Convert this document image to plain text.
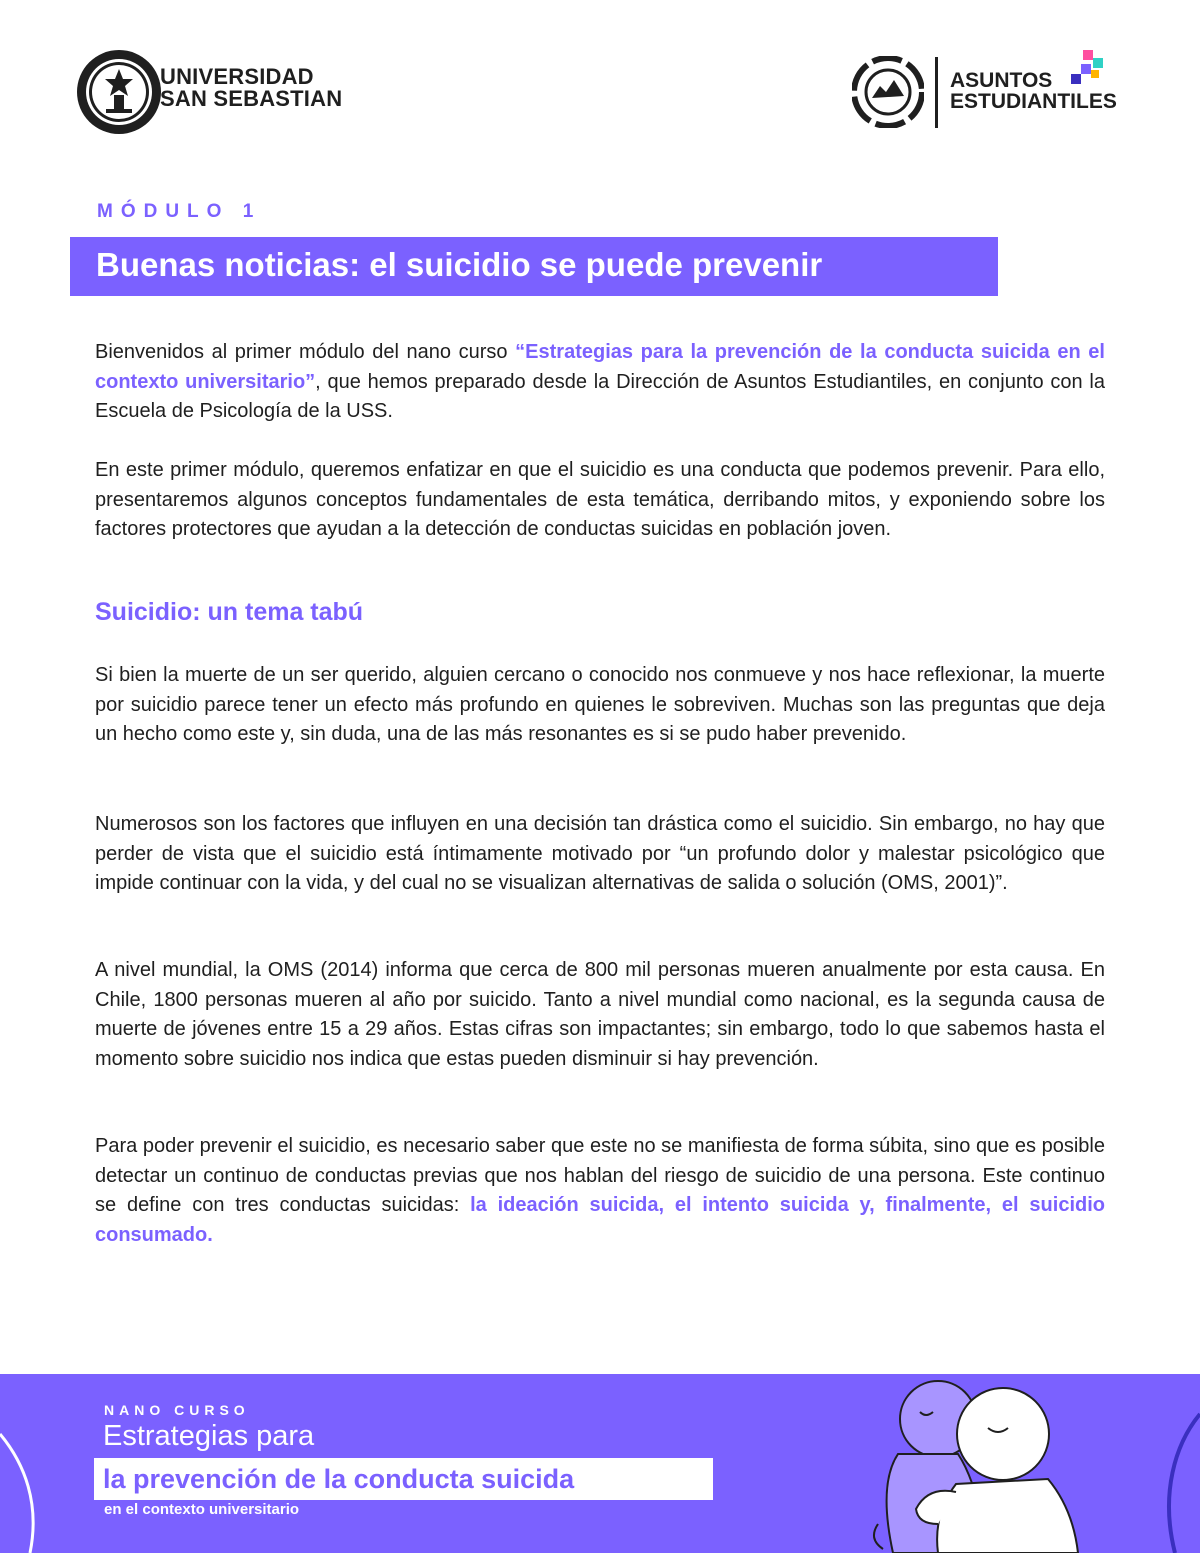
UNIVERSIDAD
SAN SEBASTIAN
ASUNTOS
ESTUDIANTILES
MÓDULO 1
Buenas noticias: el suicidio se puede prevenir
Bienvenidos al primer módulo del nano curso “Estrategias para la prevención de la conducta suicida en el contexto universitario”, que hemos preparado desde la Dirección de Asuntos Estudiantiles, en conjunto con la Escuela de Psicología de la USS.
En este primer módulo, queremos enfatizar en que el suicidio es una conducta que podemos prevenir. Para ello, presentaremos algunos conceptos fundamentales de esta temática, derribando mitos, y exponiendo sobre los factores protectores que ayudan a la detección de conductas suicidas en población joven.
Suicidio: un tema tabú
Si bien la muerte de un ser querido, alguien cercano o conocido nos conmueve y nos hace reflexionar, la muerte por suicidio parece tener un efecto más profundo en quienes le sobreviven. Muchas son las preguntas que deja un hecho como este y, sin duda, una de las más resonantes es si se pudo haber prevenido.
Numerosos son los factores que influyen en una decisión tan drástica como el suicidio. Sin embargo, no hay que perder de vista que el suicidio está íntimamente motivado por “un profundo dolor y malestar psicológico que impide continuar con la vida, y del cual no se visualizan alternativas de salida o solución (OMS, 2001)”.
A nivel mundial, la OMS (2014) informa que cerca de 800 mil personas mueren anualmente por esta causa. En Chile, 1800 personas mueren al año por suicido. Tanto a nivel mundial como nacional, es la segunda causa de muerte de jóvenes entre 15 a 29 años. Estas cifras son impactantes; sin embargo, todo lo que sabemos hasta el momento sobre suicidio nos indica que estas pueden disminuir si hay prevención.
Para poder prevenir el suicidio, es necesario saber que este no se manifiesta de forma súbita, sino que es posible detectar un continuo de conductas previas que nos hablan del riesgo de suicidio de una persona. Este continuo se define con tres conductas suicidas: la ideación suicida, el intento suicida y, finalmente, el suicidio consumado.
NANO CURSO
Estrategias para
la prevención de la conducta suicida
en el contexto universitario
